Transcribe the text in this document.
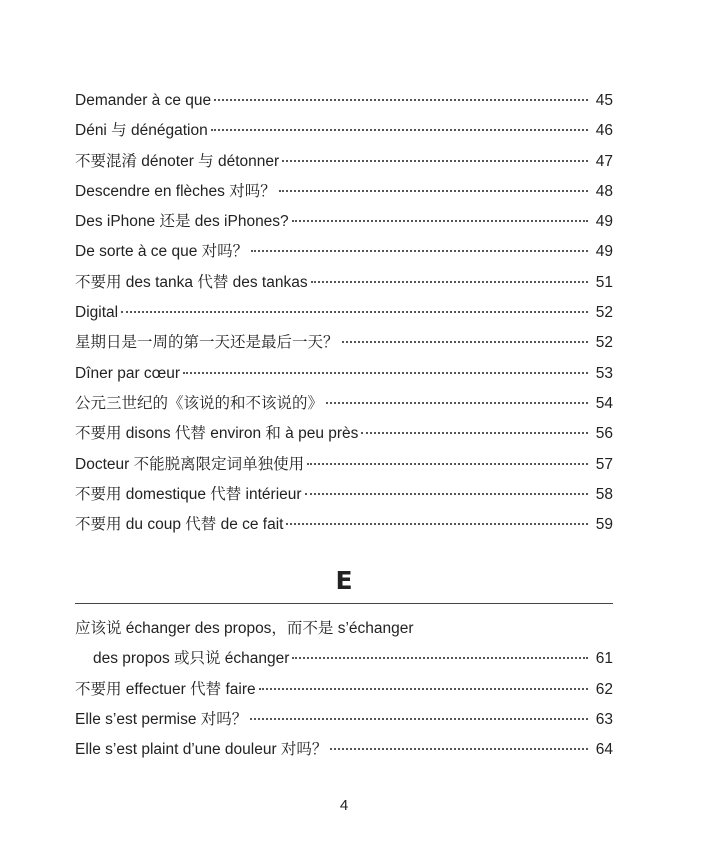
Demander à ce que	45
Déni 与 dénégation	46
不要混淆 dénoter 与 détonner	47
Descendre en flèches 对吗？	48
Des iPhone 还是 des iPhones?	49
De sorte à ce que 对吗？	49
不要用 des tanka 代替 des tankas	51
Digital	52
星期日是一周的第一天还是最后一天？	52
Dîner par cœur	53
公元三世纪的《该说的和不该说的》	54
不要用 disons 代替 environ 和 à peu près	56
Docteur 不能脱离限定词单独使用	57
不要用 domestique 代替 intérieur	58
不要用 du coup 代替 de ce fait	59
E
应该说 échanger des propos，而不是 s’échanger
des propos 或只说 échanger	61
不要用 effectuer 代替 faire	62
Elle s’est permise 对吗？	63
Elle s’est plaint d’une douleur 对吗？	64
4
